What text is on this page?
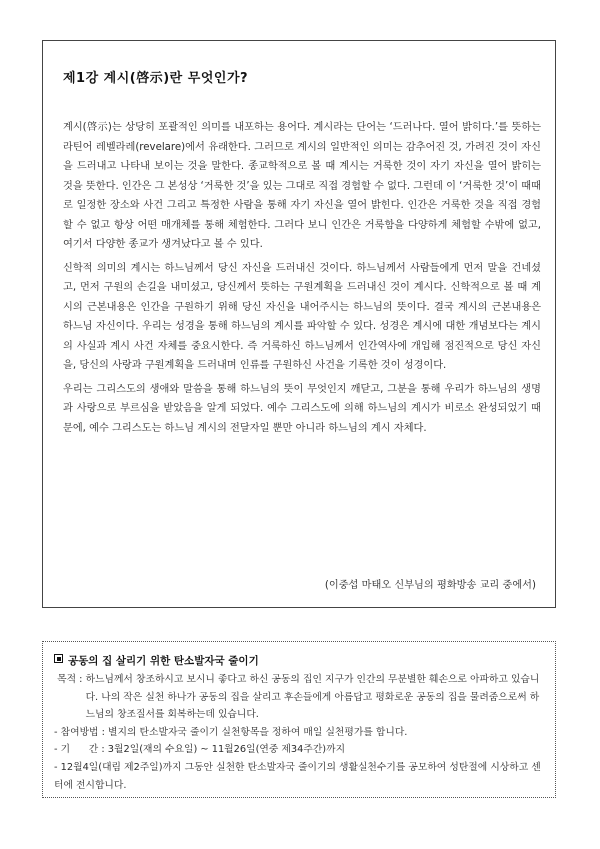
제1강 계시(啓示)란 무엇인가?

계시(啓示)는 상당히 포괄적인 의미를 내포하는 용어다. 계시라는 단어는 ‘드러나다. 열어 밝히다.’를 뜻하는 라틴어 레벨라레(revelare)에서 유래한다. 그러므로 계시의 일반적인 의미는 감추어진 것, 가려진 것이 자신을 드러내고 나타내 보이는 것을 말한다. 종교학적으로 볼 때 계시는 거룩한 것이 자기 자신을 열어 밝히는 것을 뜻한다. 인간은 그 본성상 ‘거룩한 것’을 있는 그대로 직접 경험할 수 없다. 그런데 이 ‘거룩한 것’이 때때로 일정한 장소와 사건 그리고 특정한 사람을 통해 자기 자신을 열어 밝힌다. 인간은 거룩한 것을 직접 경험할 수 없고 항상 어떤 매개체를 통해 체험한다. 그러다 보니 인간은 거룩함을 다양하게 체험할 수밖에 없고, 여기서 다양한 종교가 생겨났다고 볼 수 있다.

신학적 의미의 계시는 하느님께서 당신 자신을 드러내신 것이다. 하느님께서 사람들에게 먼저 말을 건네셨고, 먼저 구원의 손길을 내미셨고, 당신께서 뜻하는 구원계획을 드러내신 것이 계시다. 신학적으로 볼 때 계시의 근본내용은 인간을 구원하기 위해 당신 자신을 내어주시는 하느님의 뜻이다. 결국 계시의 근본내용은 하느님 자신이다. 우리는 성경을 통해 하느님의 계시를 파악할 수 있다. 성경은 계시에 대한 개념보다는 계시의 사실과 계시 사건 자체를 중요시한다. 즉 거룩하신 하느님께서 인간역사에 개입해 점진적으로 당신 자신을, 당신의 사랑과 구원계획을 드러내며 인류를 구원하신 사건을 기록한 것이 성경이다.

우리는 그리스도의 생애와 말씀을 통해 하느님의 뜻이 무엇인지 깨닫고, 그분을 통해 우리가 하느님의 생명과 사랑으로 부르심을 받았음을 알게 되었다. 예수 그리스도에 의해 하느님의 계시가 비로소 완성되었기 때문에, 예수 그리스도는 하느님 계시의 전달자일 뿐만 아니라 하느님의 계시 자체다.

(이중섭 마태오 신부님의 평화방송 교리 중에서)
공동의 집 살리기 위한 탄소발자국 줄이기
목적 : 하느님께서 창조하시고 보시니 좋다고 하신 공동의 집인 지구가 인간의 무분별한 훼손으로 아파하고 있습니다. 나의 작은 실천 하나가 공동의 집을 살리고 후손들에게 아름답고 평화로운 공동의 집을 물려줌으로써 하느님의 창조질서를 회복하는데 있습니다.
- 참여방법 : 별지의 탄소발자국 줄이기 실천항목을 정하여 매일 실천평가를 합니다.
- 기      간 : 3월2일(재의 수요일) ~ 11월26일(연중 제34주간)까지
- 12월4일(대림 제2주일)까지 그동안 실천한 탄소발자국 줄이기의 생활실천수기를 공모하여 성탄절에 시상하고 센터에 전시합니다.
